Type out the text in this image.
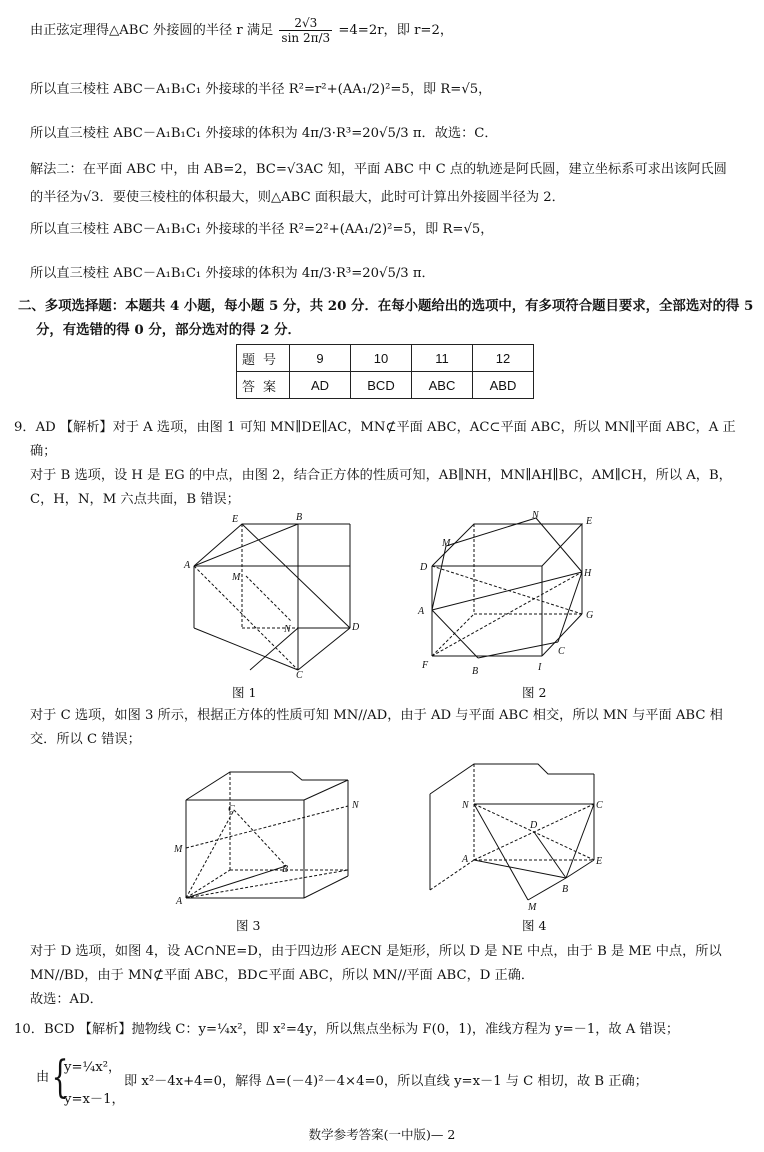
由正弦定理得△ABC 外接圆的半径 r 满足 $\frac{2√3}{\sin 2\pi/3} =4=2r$，即 r=2，
所以直三棱柱 ABC－A₁B₁C₁ 外接球的半径 R²=r²+(AA₁/2)²=5，即 R=√5，
所以直三棱柱 ABC－A₁B₁C₁ 外接球的体积为 4π/3·R³=20√5/3 π．故选：C．
解法二：在平面 ABC 中，由 AB=2，BC=√3AC 知，平面 ABC 中 C 点的轨迹是阿氏圆，建立坐标系可求出该阿氏圆
的半径为√3．要使三棱柱的体积最大，则△ABC 面积最大，此时可计算出外接圆半径为 2．
所以直三棱柱 ABC－A₁B₁C₁ 外接球的半径 R²=2²+(AA₁/2)²=5，即 R=√5，
所以直三棱柱 ABC－A₁B₁C₁ 外接球的体积为 4π/3·R³=20√5/3 π．
二、多项选择题：本题共 4 小题，每小题 5 分，共 20 分．在每小题给出的选项中，有多项符合题目要求，全部选对的得 5
分，有选错的得 0 分，部分选对的得 2 分．
题号	9	10	11	12
答案	AD	BCD	ABC	ABD
9．AD 【解析】对于 A 选项，由图 1 可知 MN∥DE∥AC，MN⊄平面 ABC，AC⊂平面 ABC，所以 MN∥平面 ABC，A 正
确；
对于 B 选项，设 H 是 EG 的中点，由图 2，结合正方体的性质可知，AB∥NH，MN∥AH∥BC，AM∥CH，所以 A，B，
C，H，N，M 六点共面，B 错误；
E	B
A
M
N	D
C
图 1
M
N
E
D
H
A	G
C
F
B	I
图 2
对于 C 选项，如图 3 所示，根据正方体的性质可知 MN//AD，由于 AD 与平面 ABC 相交，所以 MN 与平面 ABC 相
交．所以 C 错误；
C	N
M
B
A
图 3
N	C
D
A	E
B
M
图 4
对于 D 选项，如图 4，设 AC∩NE=D，由于四边形 AECN 是矩形，所以 D 是 NE 中点，由于 B 是 ME 中点，所以
MN//BD，由于 MN⊄平面 ABC，BD⊂平面 ABC，所以 MN//平面 ABC，D 正确．
故选：AD．
10．BCD 【解析】抛物线 C：y=¼x²，即 x²=4y，所以焦点坐标为 F(0，1)，准线方程为 y=－1，故 A 错误；
由 {
y=¼x²，
y=x－1，
即 x²－4x+4=0，解得 Δ=(－4)²－4×4=0，所以直线 y=x－1 与 C 相切，故 B 正确；
数学参考答案(一中版)— 2
